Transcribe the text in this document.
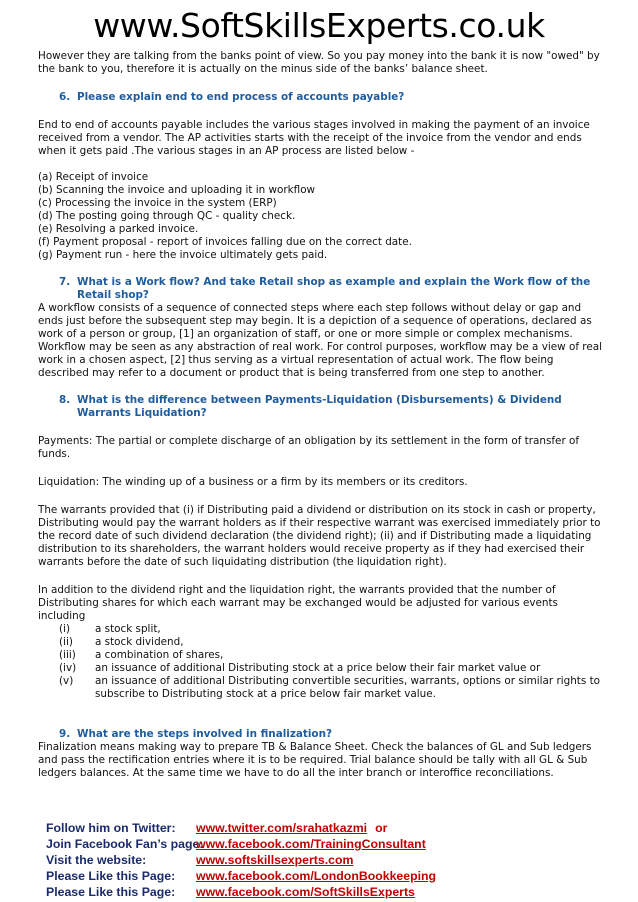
www.SoftSkillsExperts.co.uk

However they are talking from the banks point of view. So you pay money into the bank it is now "owed" by the bank to you, therefore it is actually on the minus side of the banks’ balance sheet.

6. Please explain end to end process of accounts payable?

End to end of accounts payable includes the various stages involved in making the payment of an invoice received from a vendor. The AP activities starts with the receipt of the invoice from the vendor and ends when it gets paid .The various stages in an AP process are listed below -

(a) Receipt of invoice

(b) Scanning the invoice and uploading it in workflow

(c) Processing the invoice in the system (ERP)

(d) The posting going through QC - quality check.

(e) Resolving a parked invoice.

(f) Payment proposal - report of invoices falling due on the correct date.

(g) Payment run - here the invoice ultimately gets paid.

7. What is a Work flow? And take Retail shop as example and explain the Work flow of the Retail shop?

A workflow consists of a sequence of connected steps where each step follows without delay or gap and ends just before the subsequent step may begin. It is a depiction of a sequence of operations, declared as work of a person or group, [1] an organization of staff, or one or more simple or complex mechanisms. Workflow may be seen as any abstraction of real work. For control purposes, workflow may be a view of real work in a chosen aspect, [2] thus serving as a virtual representation of actual work. The flow being described may refer to a document or product that is being transferred from one step to another.

8. What is the difference between Payments-Liquidation (Disbursements) & Dividend Warrants Liquidation?

Payments: The partial or complete discharge of an obligation by its settlement in the form of transfer of funds.

Liquidation: The winding up of a business or a firm by its members or its creditors.

The warrants provided that (i) if Distributing paid a dividend or distribution on its stock in cash or property, Distributing would pay the warrant holders as if their respective warrant was exercised immediately prior to the record date of such dividend declaration (the dividend right); (ii) and if Distributing made a liquidating distribution to its shareholders, the warrant holders would receive property as if they had exercised their warrants before the date of such liquidating distribution (the liquidation right).

In addition to the dividend right and the liquidation right, the warrants provided that the number of Distributing shares for which each warrant may be exchanged would be adjusted for various events including

(i)	a stock split,
(ii)	a stock dividend,
(iii)	a combination of shares,
(iv)	an issuance of additional Distributing stock at a price below their fair market value or
(v)	an issuance of additional Distributing convertible securities, warrants, options or similar rights to subscribe to Distributing stock at a price below fair market value.
9. What are the steps involved in finalization?

Finalization means making way to prepare TB & Balance Sheet. Check the balances of GL and Sub ledgers and pass the rectification entries where it is to be required. Trial balance should be tally with all GL & Sub ledgers balances. At the same time we have to do all the inter branch or interoffice reconciliations.

Follow him on Twitter:	www.twitter.com/srahatkazmi or
Join Facebook Fan’s page:
www.facebook.com/TrainingConsultant
Visit the website:	www.softskillsexperts.com
Please Like this Page:	www.facebook.com/LondonBookkeeping
Please Like this Page:	www.facebook.com/SoftSkillsExperts
